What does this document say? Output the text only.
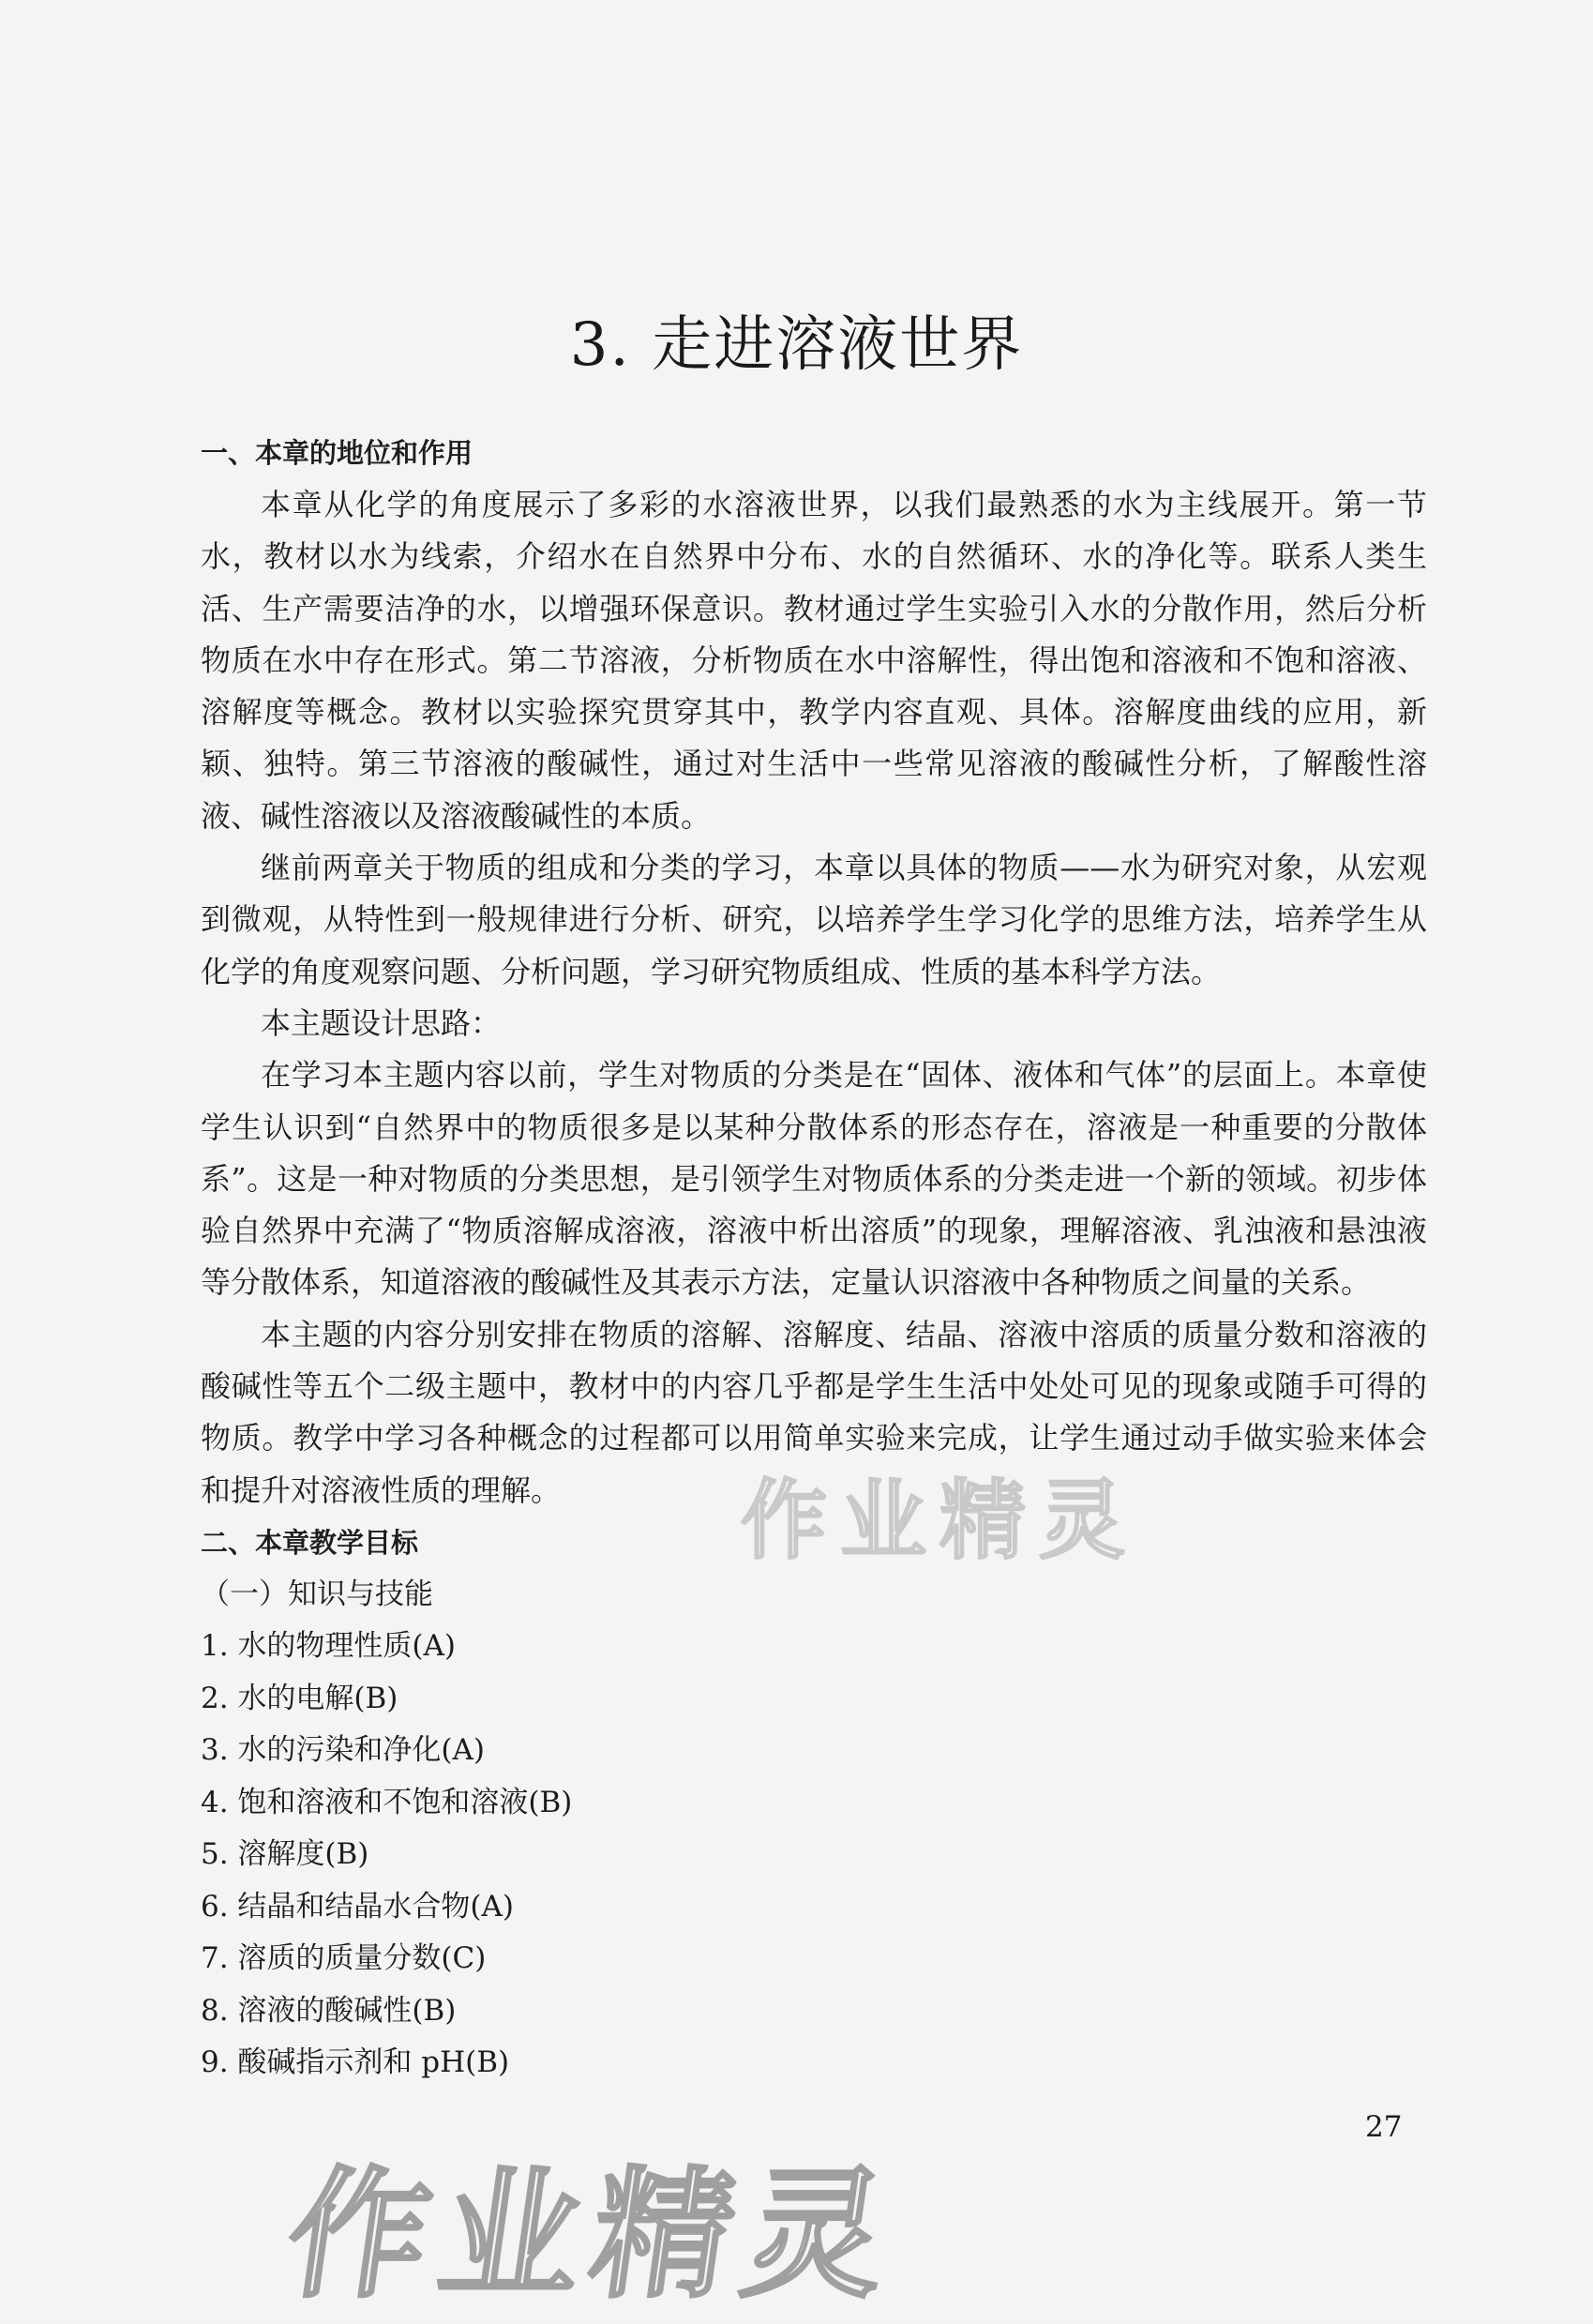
3. 走进溶液世界

一、本章的地位和作用

本章从化学的角度展示了多彩的水溶液世界，以我们最熟悉的水为主线展开。第一节水，教材以水为线索，介绍水在自然界中分布、水的自然循环、水的净化等。联系人类生活、生产需要洁净的水，以增强环保意识。教材通过学生实验引入水的分散作用，然后分析物质在水中存在形式。第二节溶液，分析物质在水中溶解性，得出饱和溶液和不饱和溶液、溶解度等概念。教材以实验探究贯穿其中，教学内容直观、具体。溶解度曲线的应用，新颖、独特。第三节溶液的酸碱性，通过对生活中一些常见溶液的酸碱性分析，了解酸性溶液、碱性溶液以及溶液酸碱性的本质。

继前两章关于物质的组成和分类的学习，本章以具体的物质——水为研究对象，从宏观到微观，从特性到一般规律进行分析、研究，以培养学生学习化学的思维方法，培养学生从化学的角度观察问题、分析问题，学习研究物质组成、性质的基本科学方法。

本主题设计思路：

在学习本主题内容以前，学生对物质的分类是在“固体、液体和气体”的层面上。本章使学生认识到“自然界中的物质很多是以某种分散体系的形态存在，溶液是一种重要的分散体系”。这是一种对物质的分类思想，是引领学生对物质体系的分类走进一个新的领域。初步体验自然界中充满了“物质溶解成溶液，溶液中析出溶质”的现象，理解溶液、乳浊液和悬浊液等分散体系，知道溶液的酸碱性及其表示方法，定量认识溶液中各种物质之间量的关系。

本主题的内容分别安排在物质的溶解、溶解度、结晶、溶液中溶质的质量分数和溶液的酸碱性等五个二级主题中，教材中的内容几乎都是学生生活中处处可见的现象或随手可得的物质。教学中学习各种概念的过程都可以用简单实验来完成，让学生通过动手做实验来体会和提升对溶液性质的理解。

二、本章教学目标

（一）知识与技能

1. 水的物理性质(A)

2. 水的电解(B)

3. 水的污染和净化(A)

4. 饱和溶液和不饱和溶液(B)

5. 溶解度(B)

6. 结晶和结晶水合物(A)

7. 溶质的质量分数(C)

8. 溶液的酸碱性(B)

9. 酸碱指示剂和 pH(B)

作业精灵
作业精灵
27
